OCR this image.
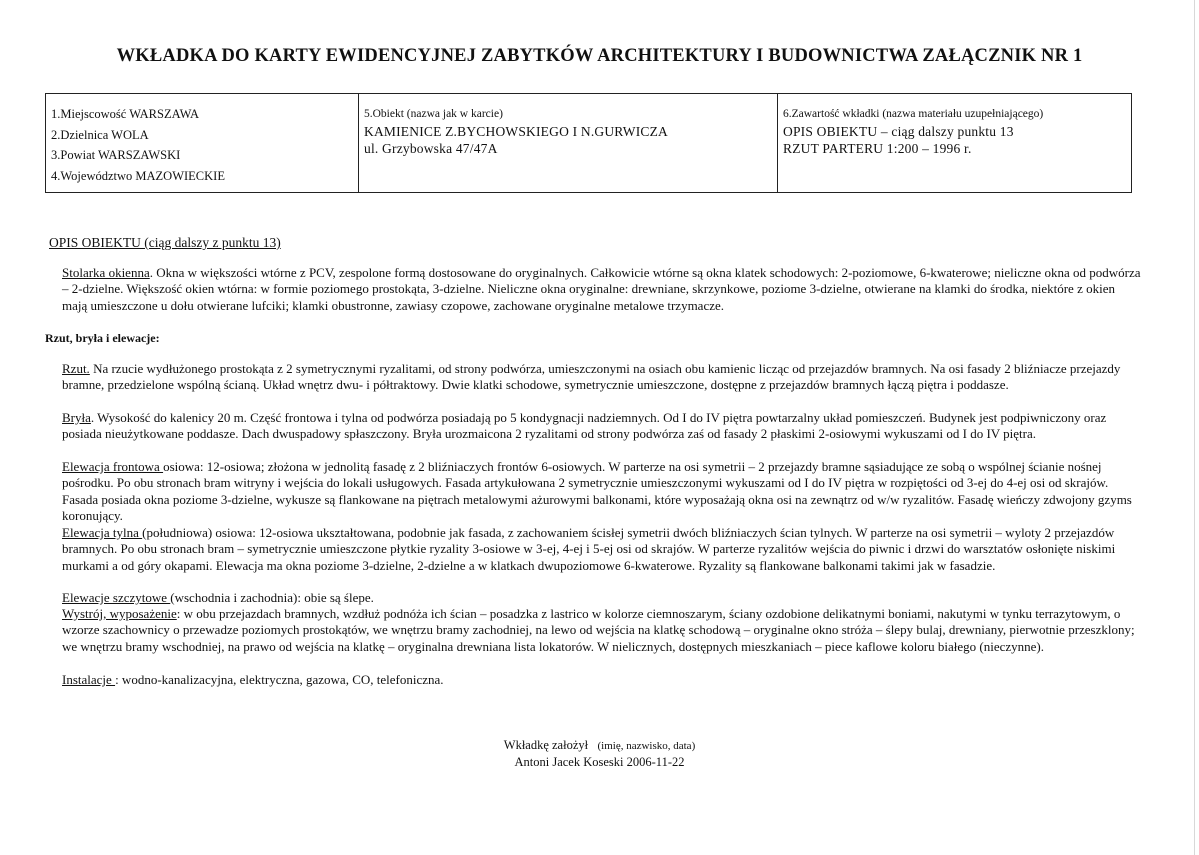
WKŁADKA DO KARTY EWIDENCYJNEJ ZABYTKÓW ARCHITEKTURY I BUDOWNICTWA ZAŁĄCZNIK NR 1
1.Miejscowość WARSZAWA
2.Dzielnica WOLA
3.Powiat WARSZAWSKI
4.Województwo MAZOWIECKIE
5.Obiekt (nazwa jak w karcie)
KAMIENICE Z.BYCHOWSKIEGO I N.GURWICZA
ul. Grzybowska 47/47A
6.Zawartość wkładki (nazwa materiału uzupełniającego)
OPIS OBIEKTU – ciąg dalszy punktu 13
RZUT PARTERU 1:200 – 1996 r.
OPIS OBIEKTU (ciąg dalszy z punktu 13)
Stolarka okienna. Okna w większości wtórne z PCV, zespolone formą dostosowane do oryginalnych. Całkowicie wtórne są okna klatek schodowych: 2-poziomowe, 6-kwaterowe; nieliczne okna od podwórza – 2-dzielne. Większość okien wtórna: w formie poziomego prostokąta, 3-dzielne. Nieliczne okna oryginalne: drewniane, skrzynkowe, poziome 3-dzielne, otwierane na klamki do środka, niektóre z okien mają umieszczone u dołu otwierane lufciki; klamki obustronne, zawiasy czopowe, zachowane oryginalne metalowe trzymacze.
Rzut, bryła i elewacje:
Rzut. Na rzucie wydłużonego prostokąta z 2 symetrycznymi ryzalitami, od strony podwórza, umieszczonymi na osiach obu kamienic licząc od przejazdów bramnych. Na osi fasady 2 bliźniacze przejazdy bramne, przedzielone wspólną ścianą. Układ wnętrz dwu- i półtraktowy. Dwie klatki schodowe, symetrycznie umieszczone, dostępne z przejazdów bramnych łączą piętra i poddasze.
Bryła. Wysokość do kalenicy 20 m. Część frontowa i tylna od podwórza posiadają po 5 kondygnacji nadziemnych. Od I do IV piętra powtarzalny układ pomieszczeń. Budynek jest podpiwniczony oraz posiada nieużytkowane poddasze. Dach dwuspadowy spłaszczony. Bryła urozmaicona 2 ryzalitami od strony podwórza zaś od fasady 2 płaskimi 2-osiowymi wykuszami od I do IV piętra.
Elewacja frontowa osiowa: 12-osiowa; złożona w jednolitą fasadę z 2 bliźniaczych frontów 6-osiowych. W parterze na osi symetrii – 2 przejazdy bramne sąsiadujące ze sobą o wspólnej ścianie nośnej pośrodku. Po obu stronach bram witryny i wejścia do lokali usługowych. Fasada artykułowana 2 symetrycznie umieszczonymi wykuszami od I do IV piętra w rozpiętości od 3-ej do 4-ej osi od skrajów. Fasada posiada okna poziome 3-dzielne, wykusze są flankowane na piętrach metalowymi ażurowymi balkonami, które wyposażają okna osi na zewnątrz od w/w ryzalitów. Fasadę wieńczy zdwojony gzyms koronujący.
Elewacja tylna (południowa) osiowa: 12-osiowa ukształtowana, podobnie jak fasada, z zachowaniem ścisłej symetrii dwóch bliźniaczych ścian tylnych. W parterze na osi symetrii – wyloty 2 przejazdów bramnych. Po obu stronach bram – symetrycznie umieszczone płytkie ryzality 3-osiowe w 3-ej, 4-ej i 5-ej osi od skrajów. W parterze ryzalitów wejścia do piwnic i drzwi do warsztatów osłonięte niskimi murkami a od góry okapami. Elewacja ma okna poziome 3-dzielne, 2-dzielne a w klatkach dwupoziomowe 6-kwaterowe. Ryzality są flankowane balkonami takimi jak w fasadzie.
Elewacje szczytowe (wschodnia i zachodnia): obie są ślepe.
Wystrój, wyposażenie: w obu przejazdach bramnych, wzdłuż podnóża ich ścian – posadzka z lastrico w kolorze ciemnoszarym, ściany ozdobione delikatnymi boniami, nakutymi w tynku terrazytowym, o wzorze szachownicy o przewadze poziomych prostokątów, we wnętrzu bramy zachodniej, na lewo od wejścia na klatkę schodową – oryginalne okno stróża – ślepy bulaj, drewniany, pierwotnie przeszklony; we wnętrzu bramy wschodniej, na prawo od wejścia na klatkę – oryginalna drewniana lista lokatorów. W nielicznych, dostępnych mieszkaniach – piece kaflowe koloru białego (nieczynne).
Instalacje : wodno-kanalizacyjna, elektryczna, gazowa, CO, telefoniczna.
Wkładkę założył (imię, nazwisko, data)
Antoni Jacek Koseski 2006-11-22
